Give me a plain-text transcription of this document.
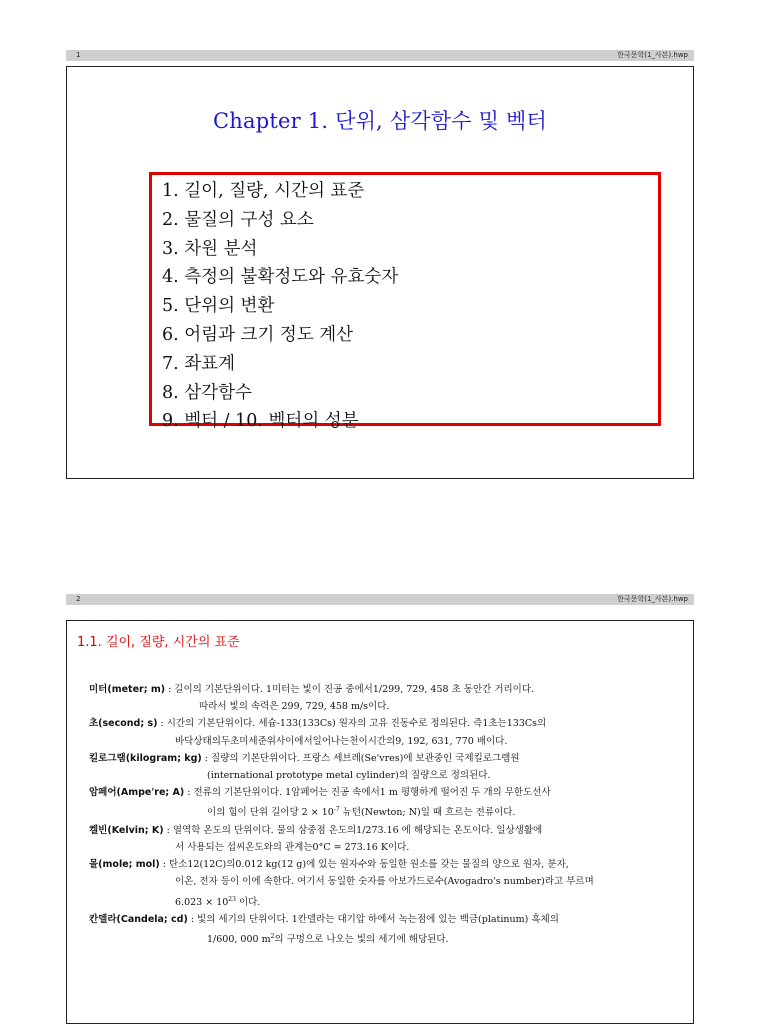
1	한국문학(1_사본).hwp
Chapter 1. 단위, 삼각함수 및 벡터
1. 길이, 질량, 시간의 표준
2. 물질의 구성 요소
3. 차원 분석
4. 측정의 불확정도와 유효숫자
5. 단위의 변환
6. 어림과 크기 정도 계산
7. 좌표계
8. 삼각함수
9. 벡터 / 10. 벡터의 성분
2	한국문학(1_사본).hwp
1.1. 길이, 질량, 시간의 표준
미터(meter; m) : 길이의 기본단위이다. 1미터는 빛이 진공 중에서1/299, 729, 458 초 동안간 거리이다.
따라서 빛의 속력은 299, 729, 458 m/s이다.
초(second; s) : 시간의 기본단위이다. 세슘-133(133Cs) 원자의 고유 진동수로 정의된다. 즉1초는133Cs의
바닥상태의두초미세준위사이에서일어나는천이시간의9, 192, 631, 770 배이다.
킬로그램(kilogram; kg) : 질량의 기본단위이다. 프랑스 세브레(Se'vres)에 보관중인 국제킬로그램원
(international prototype metal cylinder)의 질량으로 정의된다.
암페어(Ampe're; A) : 전류의 기본단위이다. 1암페어는 진공 속에서1 m 평행하게 떨어진 두 개의 무한도선사
이의 힘이 단위 길이당 $2 \times 10^{-7}$ 뉴턴(Newton; N)일 때 흐르는 전류이다.
켈빈(Kelvin; K) : 열역학 온도의 단위이다. 물의 삼중점 온도의1/273.16 에 해당되는 온도이다. 일상생활에
서 사용되는 섭씨온도와의 관계는0°C = 273.16 K이다.
몰(mole; mol) : 탄소12(12C)의0.012 kg(12 g)에 있는 원자수와 동일한 원소를 갖는 물질의 양으로 원자, 분자,
이온, 전자 등이 이에 속한다. 여기서 동일한 숫자를 아보가드로수(Avogadro's number)라고 부르며
$6.023 \times 10^{23}$ 이다.
칸델라(Candela; cd) : 빛의 세기의 단위이다. 1칸델라는 대기압 하에서 녹는점에 있는 백금(platinum) 흑체의
1/600, 000 $m^2$의 구멍으로 나오는 빛의 세기에 해당된다.
